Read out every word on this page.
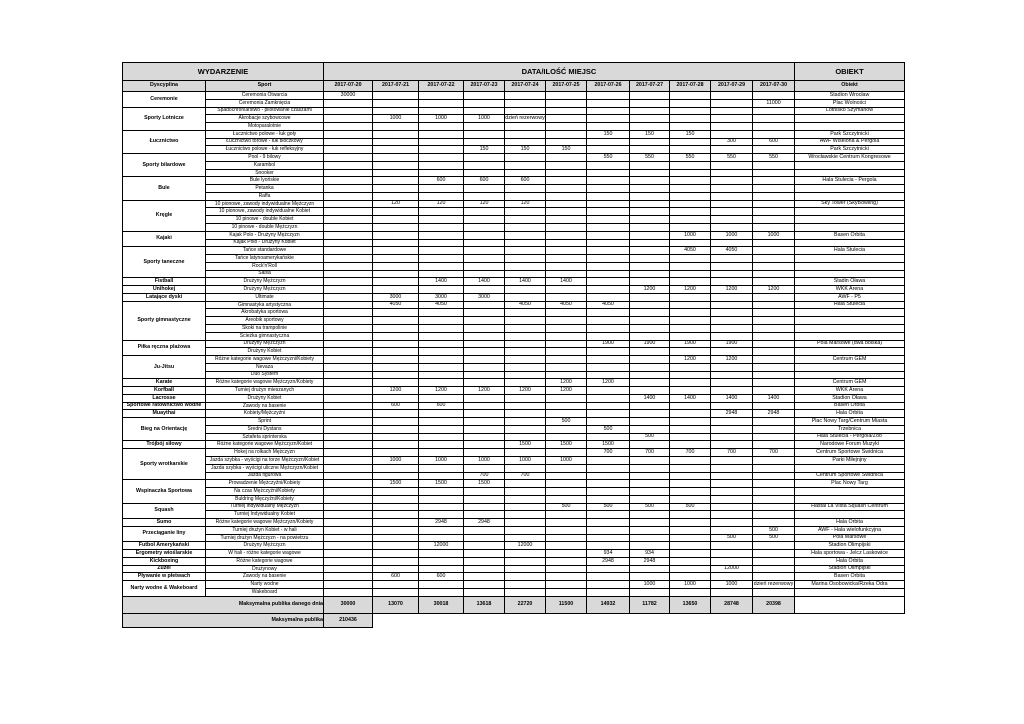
WYDARZENIE		DATA/ILOŚĆ MIEJSC											OBIEKT
Dyscyplina	Sport	2017-07-20	2017-07-21	2017-07-22	2017-07-23	2017-07-24	2017-07-25	2017-07-26	2017-07-27	2017-07-28	2017-07-29	2017-07-30	Obiekt
Ceremonie	Ceremonia Otwarcia	30000											Stadion Wrocław
	Ceremonia Zamknięcia											11000	Plac Wolności
Sporty Lotnicze	Spadochroniarstwo - pilotowanie czaszami												Lotnisko Szymanów
	Akrobacje szybowcowe		1000	1000	1000	dzień rezerwowy							
	Motoparalotnie												
Łucznictwo	Łucznictwo polowe - łuk goły							150	150	150			Park Szczytnicki
	Łucznictwo torowe - łuk bloczkowy										300	600	AWF Wiśelona & Pergola
	Łucznictwo polowe - łuk refleksyjny				150	150	150						Park Szczytnicki
Sporty bilardowe	Pool - 9 bilowy							550	550	550	550	550	Wrocławskie Centrum Kongresowe
	Karambol												
	Snooker												
Bule	Bule lyońskie			600	600	600							Hala Stulecia - Pergola
	Petanka												
	Raffa												
Kręgle	10 pionowe, zawody indywidualne Mężczyzn		120	120	120	120							Sky Tower (SkyBowling)
	10 pionowe, zawody indywidualne Kobiet												
	10 pinowe - double Kobiet												
	10 pinowe - double Mężczyzn												
Kajaki	Kajak Polo - Drużyny Mężczyzn									1000	1000	1000	Basen Orbita
	Kajak Polo - Drużyny Kobiet												
Sporty taneczne	Tańce standardowe									4050	4050		Hala Stulecia
	Tańce latynoamerykańskie												
	Rock'n'Roll												
	Salsa												
Fistball	Drużyny Mężczyzn			1400	1400	1400	1400						Stadin Oława
Unihokej	Drużyny Mężczyzn								1200	1200	1200	1200	WKK Arena
Latające dyski	Ultimate		3000	3000	3000								AWF - P5
Sporty gimnastyczne	Gimnastyka artystyczna		4050	4050		4050	4050	4050					Hala Stulecia
	Akrobatyka sportowa												
	Areobik sportowy												
	Skoki na trampolinie												
	Ścieżka gimnastyczna												
Piłka ręczna plażowa	Drużyny Mężczyzn							1900	1900	1900	1900		Pola Marsowe (dwa boiska)
	Drużyny Kobiet												
Ju-Jitsu	Różne kategorie wagowe Mężczyzni/Kobiety									1200	1200		Centrum GEM
	Nevaza												
	Duo System												
Karate	Różne kategorie wagowe Mężczyzn/Kobiety						1200	1200					Centrum GEM
Korfball	Turniej drużyn mieszanych		1200	1200	1200	1200	1200						WKK Arena
Lacrosse	Drużyny Kobiet								1400	1400	1400	1400	Stadion Oława
Sportowe ratownictwo wodne	Zawody na basenie		600	600									Basen Orbita
Muaythai	Kobiety/Mężczyźni										2948	2948	Hala Orbita
Bieg na Orientację	Sprint						500						Plac Nowy Targ/Centrum Miasta
	Średni Dystans							500					Trzebnica
	Sztafeta sprinterska								500				Hala Stulecia - Pergola/Zoo
Trójbój siłowy	Różne kategorie wagowe Mężczyzn/Kobiet					1500	1500	1500					Narodowe Forum Muzyki
Sporty wrotkarskie	Hokej na rolkach Mężczyzn							700	700	700	700	700	Centrum Sportowe Świdnica
	Jazda szybka - wyścigi na torze Mężczyzn/Kobiet		1000	1000	1000	1000	1000						Parki Miłejnjny
	Jazda szybka - wyścigi uliczne Mężczyzn/Kobiet												
	Jazda figurowa				700	700							Centrum Sportowe Świdnica
Wspinaczka Sportowa	Prowadzenie Mężczyźni/Kobiety		1500	1500	1500								Plac Nowy Targ
	Na czas Mężczyźni/Kobiety												
	Buldring Męczyźni/Kobiety												
Squash	Turniej indywidualny Mężczyzn						500	500	500	500			Hastal La Vista Squash Centrum
	Turniej Indywidualny Kobiet												
Sumo	Różne kategorie wagowe Mężczyzn/Kobiety			2948	2948								Hala Orbita
Przeciąganie liny	Turniej drużyn Kobiet - w hali											500	AWF - Hala wielofunkcyjna
	Turniej drużyn Mężczyzn - na powietrzu										500	500	Pola Marsowe
Futbol Amerykański	Drużyny Mężczyzn			12000		12000							Stadion Olimpijski
Ergometry wioślarskie	W hali - różne kategorie wagowe							934	934				Hala sportowa - Jelcz Laskowice
Kickboxing	Różne kategorie wagowe							2948	2948				Hala Orbita
Żużel	Drużynowy										12000		Stadion Olimpijski
Pływanie w płetwach	Zawody na basenie		600	600									Basen Orbita
Narty wodne & Wakeboard	Narty wodne								1000	1000	1000	dzień rezerwowy	Marina Osobowicka/Rzeka Odra
	Wakeboard												
Maksymalna publika danego dnia		30000	13070	30018	13618	22720	11500	14932	11782	13650	28748	20398	
Maksymalna publika		210436											
